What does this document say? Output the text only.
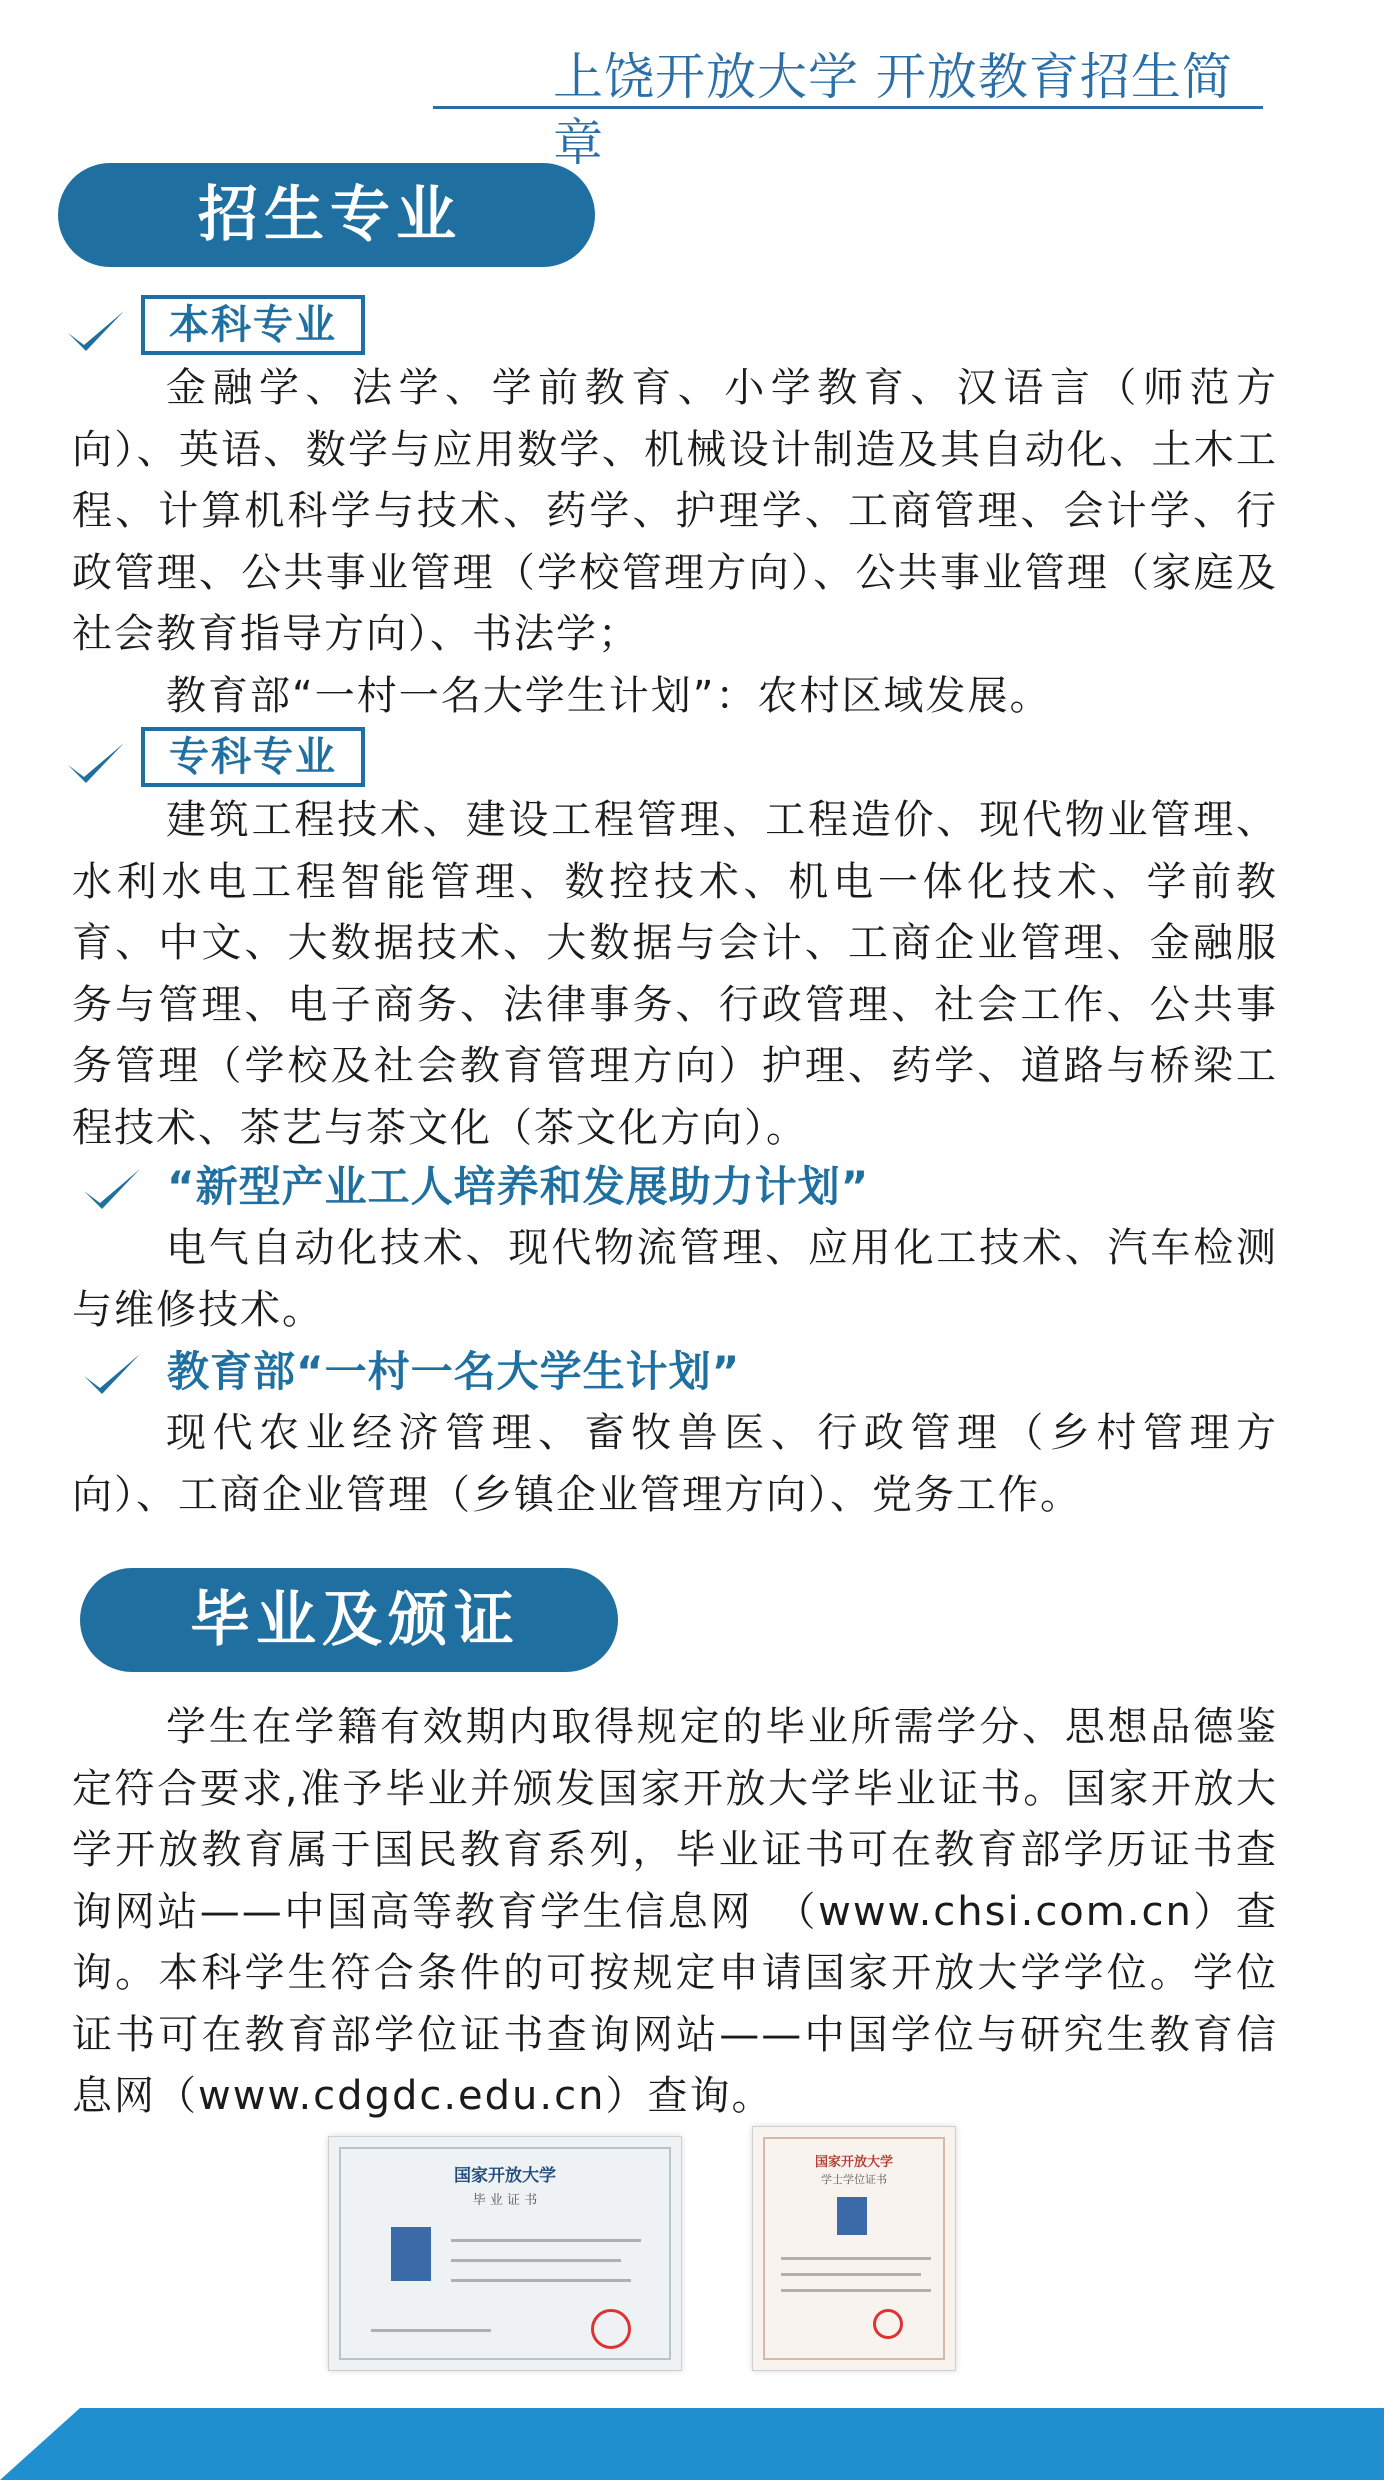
上饶开放大学 开放教育招生简章
招生专业
本科专业

金融学、法学、学前教育、小学教育、汉语言（师范方向）、英语、数学与应用数学、机械设计制造及其自动化、土木工程、计算机科学与技术、药学、护理学、工商管理、会计学、行政管理、公共事业管理（学校管理方向）、公共事业管理（家庭及社会教育指导方向）、书法学；

教育部“一村一名大学生计划”：农村区域发展。

专科专业

建筑工程技术、建设工程管理、工程造价、现代物业管理、水利水电工程智能管理、数控技术、机电一体化技术、学前教育、中文、大数据技术、大数据与会计、工商企业管理、金融服务与管理、电子商务、法律事务、行政管理、社会工作、公共事务管理（学校及社会教育管理方向）护理、药学、道路与桥梁工程技术、茶艺与茶文化（茶文化方向）。

“新型产业工人培养和发展助力计划”

电气自动化技术、现代物流管理、应用化工技术、汽车检测与维修技术。

教育部“一村一名大学生计划”

现代农业经济管理、畜牧兽医、行政管理（乡村管理方向）、工商企业管理（乡镇企业管理方向）、党务工作。

毕业及颁证

学生在学籍有效期内取得规定的毕业所需学分、思想品德鉴定符合要求,准予毕业并颁发国家开放大学毕业证书。国家开放大学开放教育属于国民教育系列，毕业证书可在教育部学历证书查询网站——中国高等教育学生信息网　（www.chsi.com.cn）查询。本科学生符合条件的可按规定申请国家开放大学学位。学位证书可在教育部学位证书查询网站——中国学位与研究生教育信息网（www.cdgdc.edu.cn）查询。

国家开放大学
毕 业 证 书
国家开放大学
学士学位证书
